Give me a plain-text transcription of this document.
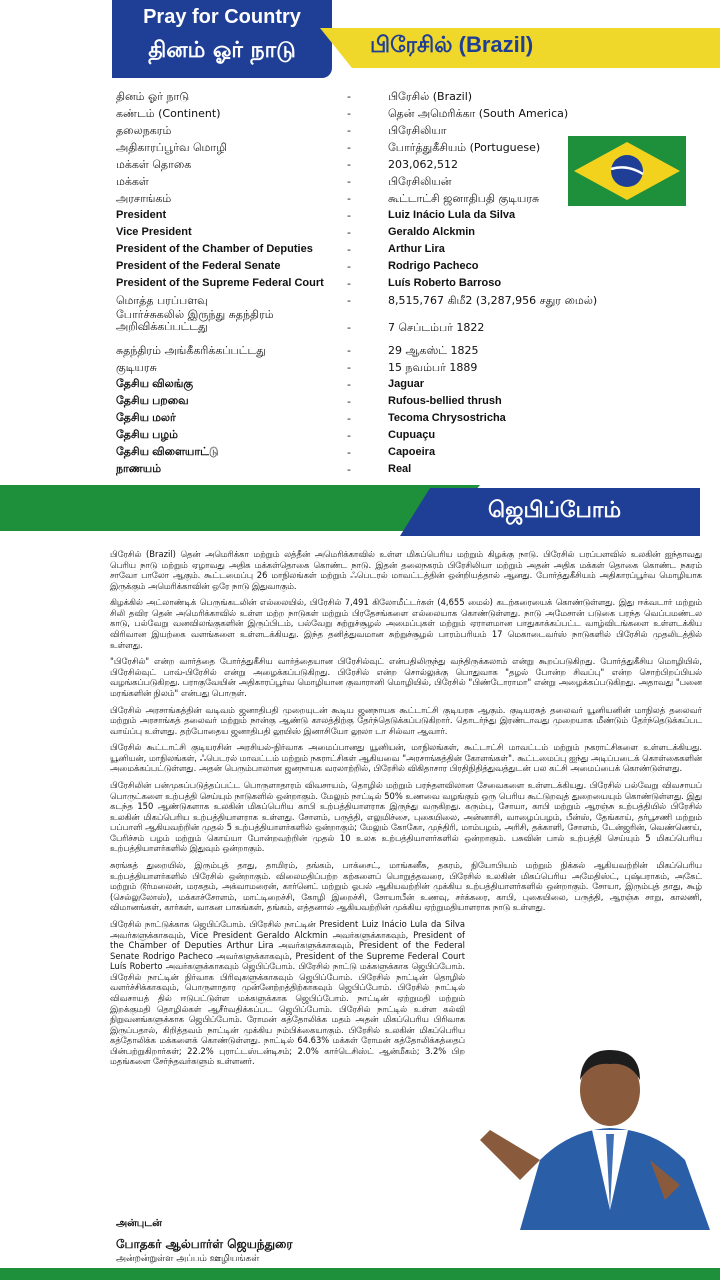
Pray for Country
தினம் ஓர் நாடு	பிரேசில் (Brazil)
தினம் ஓர் நாடு	-	பிரேசில் (Brazil)
கண்டம் (Continent)	-	தென் அமெரிக்கா (South America)
தலைநகரம்	-	பிரேசிலியா
அதிகாரப்பூர்வ மொழி	-	போர்த்துகீசியம் (Portuguese)
மக்கள் தொகை	-	203,062,512
மக்கள்	-	பிரேசிலியன்
அரசாங்கம்	-	கூட்டாட்சி ஜனாதிபதி குடியரசு
President	-	Luiz Inácio Lula da Silva
Vice President	-	Geraldo Alckmin
President of the Chamber of Deputies	-	Arthur Lira
President of the Federal Senate	-	Rodrigo Pacheco
President of the Supreme Federal Court	-	Luís Roberto Barroso
மொத்த பரப்பளவு	-	8,515,767 கிமீ2 (3,287,956 சதுர மைல்)
போர்ச்சுகலில் இருந்து சுதந்திரம் அறிவிக்கப்பட்டது	-	7 செப்டம்பர் 1822
சுதந்திரம் அங்கீகரிக்கப்பட்டது	-	29 ஆகஸ்ட் 1825
குடியரசு	-	15 நவம்பர் 1889
தேசிய விலங்கு	-	Jaguar
தேசிய பறவை	-	Rufous-bellied thrush
தேசிய மலர்	-	Tecoma Chrysostricha
தேசிய பழம்	-	Cupuaçu
தேசிய விளையாட்டு	-	Capoeira
நாணயம்	-	Real
ஜெபிப்போம்

பிரேசில் (Brazil) தென் அமெரிக்கா மற்றும் லத்தீன் அமெரிக்காவில் உள்ள மிகப்பெரிய மற்றும் கிழக்கு நாடு. பிரேசில் பரப்பளவில் உலகின் ஐந்தாவது பெரிய நாடு மற்றும் ஏழாவது அதிக மக்கள்தொகை கொண்ட நாடு. இதன் தலைநகரம் பிரேசிலியா மற்றும் அதன் அதிக மக்கள் தொகை கொண்ட நகரம் சாவோ பாலோ ஆகும். கூட்டமைப்பு 26 மாநிலங்கள் மற்றும் ஃபெடரல் மாவட்டத்தின் ஒன்றியத்தால் ஆனது. போர்த்துகீசியம் அதிகாரப்பூர்வ மொழியாக இருக்கும் அமெரிக்காவின் ஒரே நாடு இதுவாகும்.

கிழக்கில் அட்லாண்டிக் பெருங்கடலின் எல்லையில், பிரேசில் 7,491 கிலோமீட்டர்கள் (4,655 மைல்) கடற்கரையைக் கொண்டுள்ளது. இது ஈக்வடார் மற்றும் சிலி தவிர தென் அமெரிக்காவில் உள்ள மற்ற நாடுகள் மற்றும் பிரதேசங்களை எல்லையாக கொண்டுள்ளது. நாடு அமேசான் படுகை பரந்த வெப்பமண்டல காடு, பல்வேறு வனவிலங்குகளின் இருப்பிடம், பல்வேறு சுற்றுச்சூழல் அமைப்புகள் மற்றும் ஏராளமான பாதுகாக்கப்பட்ட வாழ்விடங்களை உள்ளடக்கிய விரிவான இயற்கை வளங்களை உள்ளடக்கியது. இந்த தனித்துவமான சுற்றுச்சூழல் பாரம்பரியம் 17 மெகாடைவர்ஸ் நாடுகளில் பிரேசில் முதலிடத்தில் உள்ளது.

"பிரேசில்" என்ற வார்த்தை போர்த்துகீசிய வார்த்தையான பிரேசில்வுட் என்பதிலிருந்து வந்திருக்கலாம் என்று கூறப்படுகிறது. போர்த்துகீசிய மொழியில், பிரேசில்வுட் பாவ்-பிரேசில் என்று அழைக்கப்படுகிறது. பிரேசில் என்ற சொல்லுக்கு பொதுவாக "தழல் போன்ற சிவப்பு" என்ற சொற்பிறப்பியல் வழங்கப்படுகிறது. பராகுவேயின் அதிகாரப்பூர்வ மொழியான குவாரானி மொழியில், பிரேசில் "பிண்டோராமா" என்று அழைக்கப்படுகிறது. அதாவது "பனை மரங்களின் நிலம்" என்பது பொருள்.

பிரேசில் அரசாங்கத்தின் வடிவம் ஜனாதிபதி முறையுடன் கூடிய ஜனநாயக கூட்டாட்சி குடியரசு ஆகும். குடியரசுத் தலைவர் யூனியனின் மாநிலத் தலைவர் மற்றும் அரசாங்கத் தலைவர் மற்றும் நான்கு ஆண்டு காலத்திற்கு தேர்ந்தெடுக்கப்படுகிறார். தொடர்ந்து இரண்டாவது முறையாக மீண்டும் தேர்ந்தெடுக்கப்பட வாய்ப்பு உள்ளது. தற்போதைய ஜனாதிபதி லூயிஸ் இனாசியோ லூலா டா சில்வா ஆவார்.

பிரேசில் கூட்டாட்சி குடியரசின் அரசியல்-நிர்வாக அமைப்பானது யூனியன், மாநிலங்கள், கூட்டாட்சி மாவட்டம் மற்றும் நகராட்சிகளை உள்ளடக்கியது. யூனியன், மாநிலங்கள், ஃபெடரல் மாவட்டம் மற்றும் நகராட்சிகள் ஆகியவை "அரசாங்கத்தின் கோளங்கள்". கூட்டமைப்பு ஐந்து அடிப்படைக் கொள்கைகளின் அமைக்கப்பட்டுள்ளது. அதன் பெரும்பாலான ஜனநாயக வரலாற்றில், பிரேசில் விகிதாசார பிரதிநிதித்துவத்துடன் பல கட்சி அமைப்பைக் கொண்டுள்ளது.

பிரேசிலின் பன்முகப்படுத்தப்பட்ட பொருளாதாரம் விவசாயம், தொழில் மற்றும் பரந்தளவிலான சேவைகளை உள்ளடக்கியது. பிரேசில் பல்வேறு விவசாயப் பொருட்களை உற்பத்தி செய்யும் நாடுகளில் ஒன்றாகும். மேலும் நாட்டில் 50% உணவை வழங்கும் ஒரு பெரிய கூட்டுறவுத் துறையையும் கொண்டுள்ளது. இது கடந்த 150 ஆண்டுகளாக உலகின் மிகப்பெரிய காபி உற்பத்தியாளராக இருந்து வருகிறது. கரும்பு, சோயா, காபி மற்றும் ஆரஞ்சு உற்பத்தியில் பிரேசில் உலகின் மிகப்பெரிய உற்பத்தியாளராக உள்ளது. சோளம், பருத்தி, எலுமிச்சை, புகையிலை, அன்னாசி, வாழைப்பழம், பீன்ஸ், தேங்காய், தர்பூசணி மற்றும் பப்பாளி ஆகியவற்றின் முதல் 5 உற்பத்தியாளர்களில் ஒன்றாகும்; மேலும் கோகோ, முந்திரி, மாம்பழம், அரிசி, தக்காளி, சோளம், டேன்ஜரின், வெண்ணெய், பேரிச்சம் பழம் மற்றும் கொய்யா போன்றவற்றின் முதல் 10 உலக உற்பத்தியாளர்களில் ஒன்றாகும். பசுவின் பால் உற்பத்தி செய்யும் 5 மிகப்பெரிய உற்பத்தியாளர்களில் இதுவும் ஒன்றாகும்.

சுரங்கத் துறையில், இரும்புத் தாது, தாமிரம், தங்கம், பாக்சைட், மாங்கனீசு, தகரம், நியோபியம் மற்றும் நிக்கல் ஆகியவற்றின் மிகப்பெரிய உற்பத்தியாளர்களில் பிரேசில் ஒன்றாகும். விலைமதிப்பற்ற கற்களைப் பொறுத்தவரை, பிரேசில் உலகின் மிகப்பெரிய அமேதிஸ்ட், புஷ்பராகம், அகேட் மற்றும் டூர்மலைன், மரகதம், அக்வாமரைன், கார்னெட் மற்றும் ஓபல் ஆகியவற்றின் முக்கிய உற்பத்தியாளர்களில் ஒன்றாகும். சோயா, இரும்புத் தாது, கூழ் (செல்லுலோஸ்), மக்காச்சோளம், மாட்டிறைச்சி, கோழி இறைச்சி, சோயாபீன் உணவு, சர்க்கரை, காபி, புகையிலை, பருத்தி, ஆரஞ்சு சாறு, காலணி, விமானங்கள், கார்கள், வாகன பாகங்கள், தங்கம், எத்தனால் ஆகியவற்றின் முக்கிய ஏற்றுமதியாளராக நாடு உள்ளது.

பிரேசில் நாட்டுக்காக ஜெபிப்போம். பிரேசில் நாட்டின் President Luiz Inácio Lula da Silva அவர்களுக்காகவும், Vice President Geraldo Alckmin அவர்களுக்காகவும், President of the Chamber of Deputies Arthur Lira அவர்களுக்காகவும், President of the Federal Senate Rodrigo Pacheco அவர்களுக்காகவும், President of the Supreme Federal Court Luís Roberto அவர்களுக்காகவும் ஜெபிப்போம். பிரேசில் நாட்டு மக்களுக்காக ஜெபிப்போம். பிரேசில் நாட்டின் நிர்வாக பிரிவுகளுக்காகவும் ஜெபிப்போம். பிரேசில் நாட்டின் தொழில் வளர்ச்சிக்காகவும், பொருளாதார முன்னேற்றத்திற்காகவும் ஜெபிப்போம். பிரேசில் நாட்டில் விவசாயத் தில் ஈடுபட்டுள்ள மக்களுக்காக ஜெபிப்போம். நாட்டின் ஏற்றுமதி மற்றும் இறக்குமதி தொழில்கள் ஆசீர்வதிக்கப்பட ஜெபிப்போம். பிரேசில் நாட்டில் உள்ள கல்வி நிறுவனங்களுக்காக ஜெபிப்போம். ரோமன் கத்தோலிக்க மதம் அதன் மிகப்பெரிய பிரிவாக இருப்பதால், கிறித்தவம் நாட்டின் முக்கிய நம்பிக்கையாகும். பிரேசில் உலகின் மிகப்பெரிய கத்தோலிக்க மக்களைக் கொண்டுள்ளது. நாட்டில் 64.63% மக்கள் ரோமன் கத்தோலிக்கத்தைப் பின்பற்றுகிறார்கள்; 22.2% புராட்டஸ்டன்டிசம்; 2.0% கார்டெசிஸ்ட் ஆன்மீகம்; 3.2% பிற மதங்களை சேர்ந்தவர்களும் உள்ளனர்.

அன்புடன்
போதகர் ஆல்பார்ள் ஜெயந்துரை
அன்றன்றுள்ள அப்பம் ஊழியங்கள்
